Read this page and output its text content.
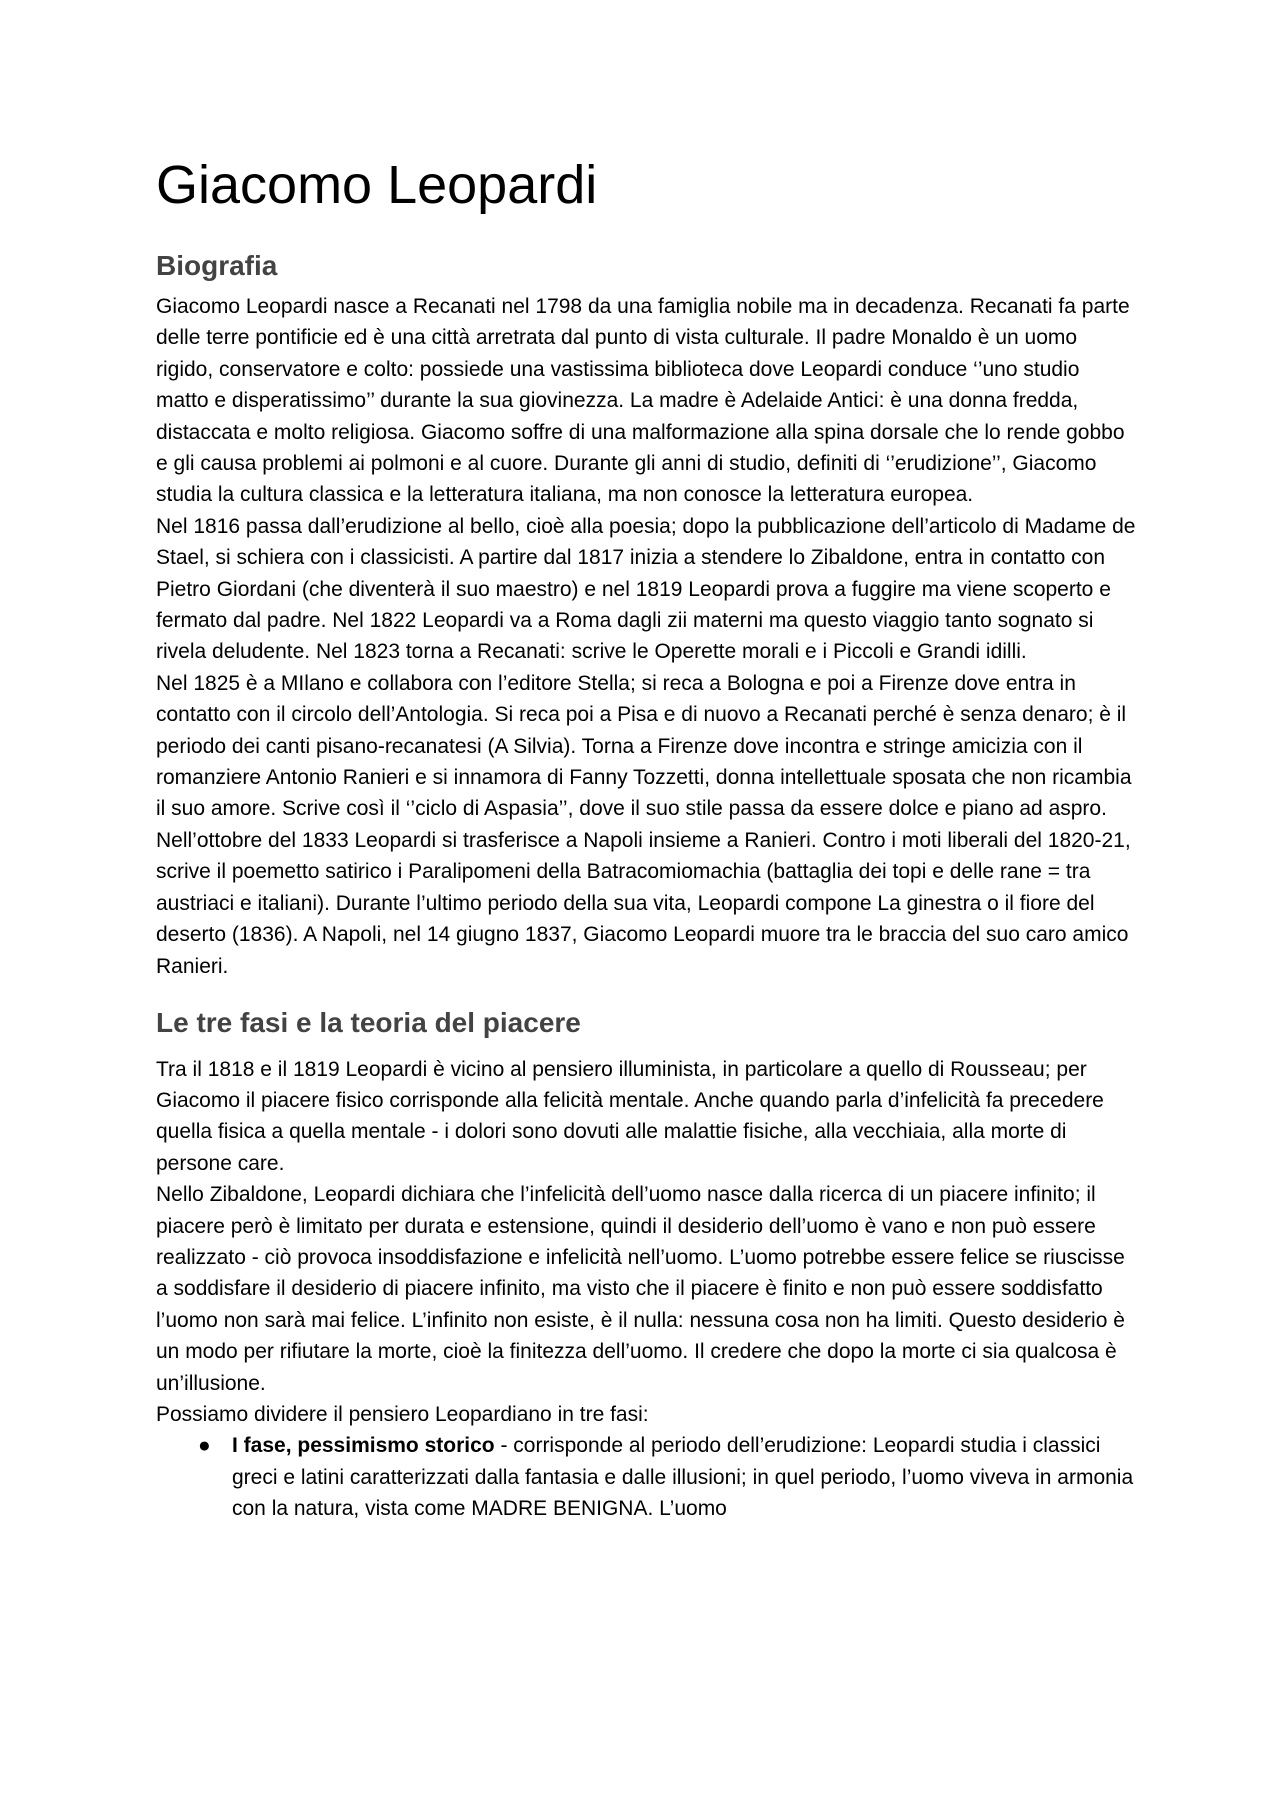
Giacomo Leopardi
Biografia

Giacomo Leopardi nasce a Recanati nel 1798 da una famiglia nobile ma in decadenza. Recanati fa parte delle terre pontificie ed è una città arretrata dal punto di vista culturale. Il padre Monaldo è un uomo rigido, conservatore e colto: possiede una vastissima biblioteca dove Leopardi conduce ‘’uno studio matto e disperatissimo’’ durante la sua giovinezza. La madre è Adelaide Antici: è una donna fredda, distaccata e molto religiosa. Giacomo soffre di una malformazione alla spina dorsale che lo rende gobbo e gli causa problemi ai polmoni e al cuore. Durante gli anni di studio, definiti di ‘’erudizione’’, Giacomo studia la cultura classica e la letteratura italiana, ma non conosce la letteratura europea.

Nel 1816 passa dall’erudizione al bello, cioè alla poesia; dopo la pubblicazione dell’articolo di Madame de Stael, si schiera con i classicisti. A partire dal 1817 inizia a stendere lo Zibaldone, entra in contatto con Pietro Giordani (che diventerà il suo maestro) e nel 1819 Leopardi prova a fuggire ma viene scoperto e fermato dal padre. Nel 1822 Leopardi va a Roma dagli zii materni ma questo viaggio tanto sognato si rivela deludente. Nel 1823 torna a Recanati: scrive le Operette morali e i Piccoli e Grandi idilli.

Nel 1825 è a MIlano e collabora con l’editore Stella; si reca a Bologna e poi a Firenze dove entra in contatto con il circolo dell’Antologia. Si reca poi a Pisa e di nuovo a Recanati perché è senza denaro; è il periodo dei canti pisano-recanatesi (A Silvia). Torna a Firenze dove incontra e stringe amicizia con il romanziere Antonio Ranieri e si innamora di Fanny Tozzetti, donna intellettuale sposata che non ricambia il suo amore. Scrive così il ‘’ciclo di Aspasia’’, dove il suo stile passa da essere dolce e piano ad aspro.

Nell’ottobre del 1833 Leopardi si trasferisce a Napoli insieme a Ranieri. Contro i moti liberali del 1820-21, scrive il poemetto satirico i Paralipomeni della Batracomiomachia (battaglia dei topi e delle rane = tra austriaci e italiani). Durante l’ultimo periodo della sua vita, Leopardi compone La ginestra o il fiore del deserto (1836). A Napoli, nel 14 giugno 1837, Giacomo Leopardi muore tra le braccia del suo caro amico Ranieri.

Le tre fasi e la teoria del piacere

Tra il 1818 e il 1819 Leopardi è vicino al pensiero illuminista, in particolare a quello di Rousseau; per Giacomo il piacere fisico corrisponde alla felicità mentale. Anche quando parla d’infelicità fa precedere quella fisica a quella mentale - i dolori sono dovuti alle malattie fisiche, alla vecchiaia, alla morte di persone care.

Nello Zibaldone, Leopardi dichiara che l’infelicità dell’uomo nasce dalla ricerca di un piacere infinito; il piacere però è limitato per durata e estensione, quindi il desiderio dell’uomo è vano e non può essere realizzato - ciò provoca insoddisfazione e infelicità nell’uomo. L’uomo potrebbe essere felice se riuscisse a soddisfare il desiderio di piacere infinito, ma visto che il piacere è finito e non può essere soddisfatto l’uomo non sarà mai felice. L’infinito non esiste, è il nulla: nessuna cosa non ha limiti. Questo desiderio è un modo per rifiutare la morte, cioè la finitezza dell’uomo. Il credere che dopo la morte ci sia qualcosa è un’illusione.

Possiamo dividere il pensiero Leopardiano in tre fasi:

● I fase, pessimismo storico - corrisponde al periodo dell’erudizione: Leopardi studia i classici greci e latini caratterizzati dalla fantasia e dalle illusioni; in quel periodo, l’uomo viveva in armonia con la natura, vista come MADRE BENIGNA. L’uomo
